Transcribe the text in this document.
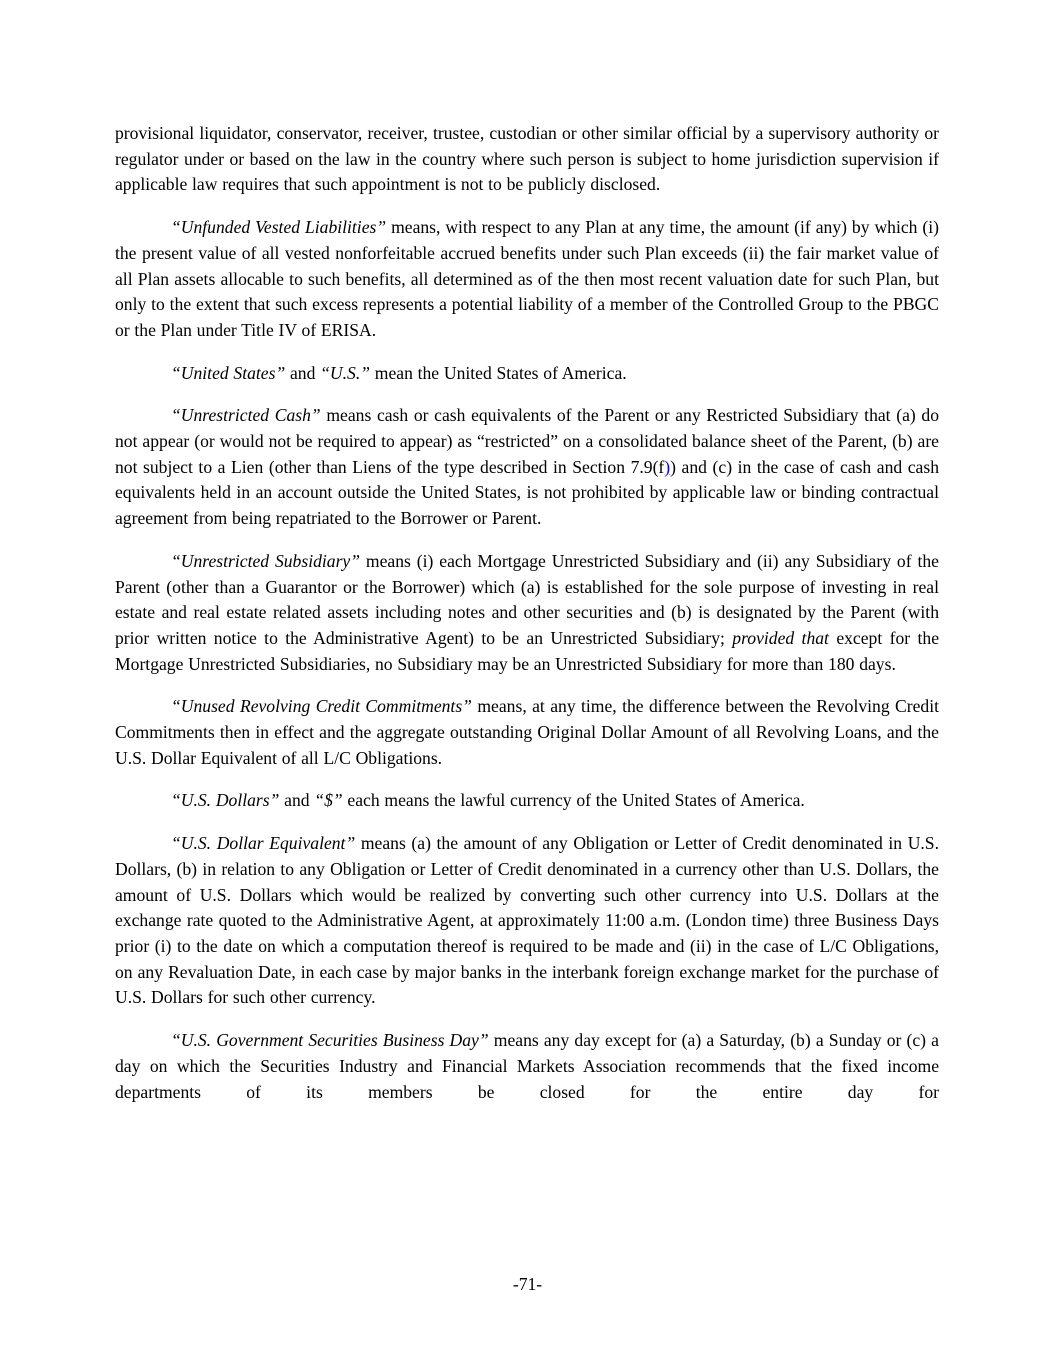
provisional liquidator, conservator, receiver, trustee, custodian or other similar official by a supervisory authority or regulator under or based on the law in the country where such person is subject to home jurisdiction supervision if applicable law requires that such appointment is not to be publicly disclosed.

“Unfunded Vested Liabilities” means, with respect to any Plan at any time, the amount (if any) by which (i) the present value of all vested nonforfeitable accrued benefits under such Plan exceeds (ii) the fair market value of all Plan assets allocable to such benefits, all determined as of the then most recent valuation date for such Plan, but only to the extent that such excess represents a potential liability of a member of the Controlled Group to the PBGC or the Plan under Title IV of ERISA.

“United States” and “U.S.” mean the United States of America.

“Unrestricted Cash” means cash or cash equivalents of the Parent or any Restricted Subsidiary that (a) do not appear (or would not be required to appear) as “restricted” on a consolidated balance sheet of the Parent, (b) are not subject to a Lien (other than Liens of the type described in Section 7.9(f)) and (c) in the case of cash and cash equivalents held in an account outside the United States, is not prohibited by applicable law or binding contractual agreement from being repatriated to the Borrower or Parent.

“Unrestricted Subsidiary” means (i) each Mortgage Unrestricted Subsidiary and (ii) any Subsidiary of the Parent (other than a Guarantor or the Borrower) which (a) is established for the sole purpose of investing in real estate and real estate related assets including notes and other securities and (b) is designated by the Parent (with prior written notice to the Administrative Agent) to be an Unrestricted Subsidiary; provided that except for the Mortgage Unrestricted Subsidiaries, no Subsidiary may be an Unrestricted Subsidiary for more than 180 days.

“Unused Revolving Credit Commitments” means, at any time, the difference between the Revolving Credit Commitments then in effect and the aggregate outstanding Original Dollar Amount of all Revolving Loans, and the U.S. Dollar Equivalent of all L/C Obligations.

“U.S. Dollars” and “$” each means the lawful currency of the United States of America.

“U.S. Dollar Equivalent” means (a) the amount of any Obligation or Letter of Credit denominated in U.S. Dollars, (b) in relation to any Obligation or Letter of Credit denominated in a currency other than U.S. Dollars, the amount of U.S. Dollars which would be realized by converting such other currency into U.S. Dollars at the exchange rate quoted to the Administrative Agent, at approximately 11:00 a.m. (London time) three Business Days prior (i) to the date on which a computation thereof is required to be made and (ii) in the case of L/C Obligations, on any Revaluation Date, in each case by major banks in the interbank foreign exchange market for the purchase of U.S. Dollars for such other currency.

“U.S. Government Securities Business Day” means any day except for (a) a Saturday, (b) a Sunday or (c) a day on which the Securities Industry and Financial Markets Association recommends that the fixed income departments of its members be closed for the entire day for

-71-
